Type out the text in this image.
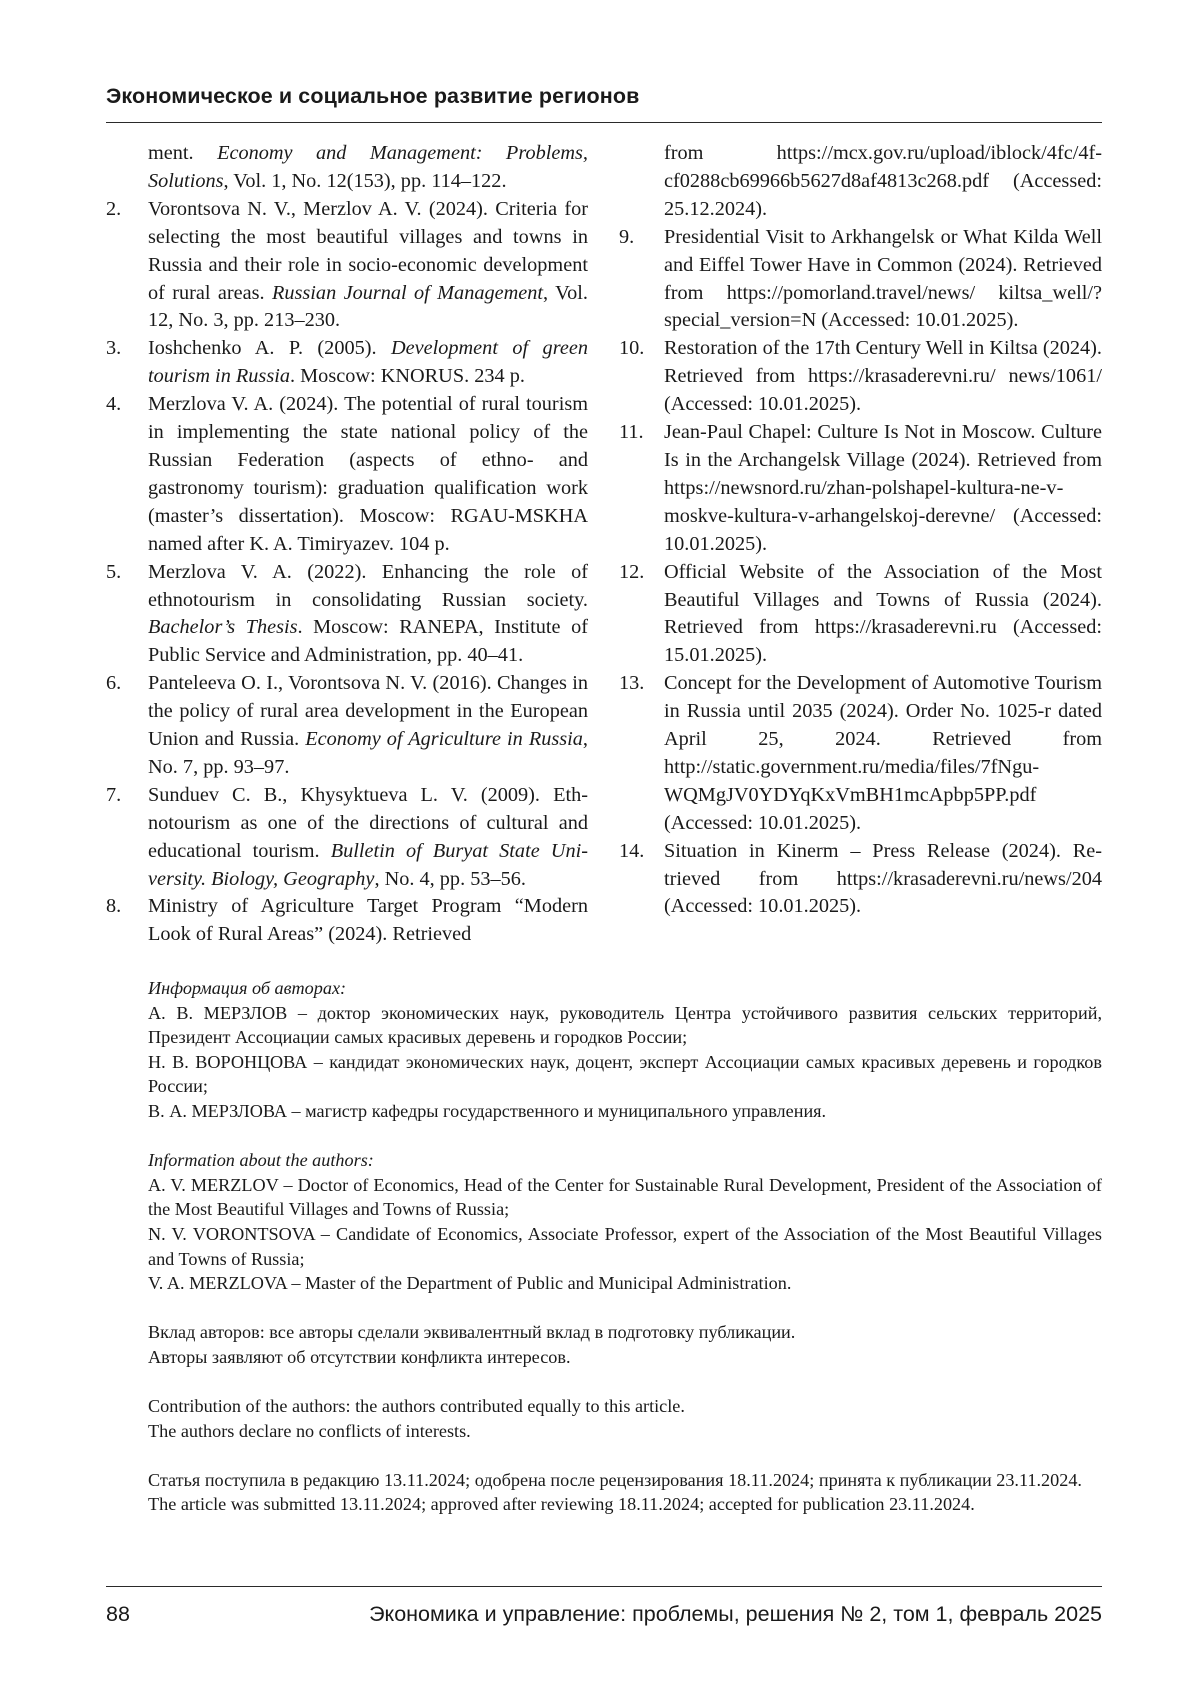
Экономическое и социальное развитие регионов
ment. Economy and Management: Problems, Solutions, Vol. 1, No. 12(153), pp. 114–122.
2.	Vorontsova N. V., Merzlov A. V. (2024). Criteria for selecting the most beautiful villages and towns in Russia and their role in socio-economic development of rural areas. Russian Journal of Management, Vol. 12, No. 3, pp. 213–230.
3.	Ioshchenko A. P. (2005). Development of green tourism in Russia. Moscow: KNORUS. 234 p.
4.	Merzlova V. A. (2024). The potential of rural tourism in implementing the state national policy of the Russian Federation (aspects of ethno- and gastronomy tourism): graduation qualification work (master’s dissertation). Moscow: RGAU-MSKHA named after K. A. Timiryazev. 104 p.
5.	Merzlova V. A. (2022). Enhancing the role of ethnotourism in consolidating Russian society. Bachelor’s Thesis. Moscow: RANEPA, Institute of Public Service and Administration, pp. 40–41.
6.	Panteleeva O. I., Vorontsova N. V. (2016). Changes in the policy of rural area development in the European Union and Russia. Economy of Agriculture in Russia, No. 7, pp. 93–97.
7.	Sunduev C. B., Khysyktueva L. V. (2009). Ethnotourism as one of the directions of cultural and educational tourism. Bulletin of Buryat State University. Biology, Geography, No. 4, pp. 53–56.
8.	Ministry of Agriculture Target Program “Modern Look of Rural Areas” (2024). Retrieved
from https://mcx.gov.ru/upload/iblock/4fc/4fcf0288cb69966b5627d8af4813c268.pdf (Accessed: 25.12.2024).
9.	Presidential Visit to Arkhangelsk or What Kilda Well and Eiffel Tower Have in Common (2024). Retrieved from https://pomorland.travel/news/ kiltsa_well/?special_version=N (Accessed: 10.01.2025).
10. Restoration of the 17th Century Well in Kiltsa (2024). Retrieved from https://krasaderevni.ru/ news/1061/ (Accessed: 10.01.2025).
11.	Jean-Paul Chapel: Culture Is Not in Moscow. Culture Is in the Archangelsk Village (2024). Retrieved from https://newsnord.ru/zhan-polshapel-kultura-ne-v-moskve-kultura-v-arhangelskoj-derevne/ (Accessed: 10.01.2025).
12. Official Website of the Association of the Most Beautiful Villages and Towns of Russia (2024). Retrieved from https://krasaderevni.ru (Accessed: 15.01.2025).
13. Concept for the Development of Automotive Tourism in Russia until 2035 (2024). Order No. 1025-r dated April 25, 2024. Retrieved from http://static.government.ru/media/files/7fNguWQMgJV0YDYqKxVmBH1mcApbp5PP.pdf (Accessed: 10.01.2025).
14. Situation in Kinerm – Press Release (2024). Retrieved from https://krasaderevni.ru/news/204 (Accessed: 10.01.2025).

Информация об авторах:

А. В. МЕРЗЛОВ – доктор экономических наук, руководитель Центра устойчивого развития сельских территорий, Президент Ассоциации самых красивых деревень и городков России;

Н. В. ВОРОНЦОВА – кандидат экономических наук, доцент, эксперт Ассоциации самых красивых деревень и городков России;

В. А. МЕРЗЛОВА – магистр кафедры государственного и муниципального управления.

Information about the authors:

A. V. MERZLOV – Doctor of Economics, Head of the Center for Sustainable Rural Development, President of the Association of the Most Beautiful Villages and Towns of Russia;

N. V. VORONTSOVA – Candidate of Economics, Associate Professor, expert of the Association of the Most Beautiful Villages and Towns of Russia;

V. A. MERZLOVA – Master of the Department of Public and Municipal Administration.

Вклад авторов: все авторы сделали эквивалентный вклад в подготовку публикации.

Авторы заявляют об отсутствии конфликта интересов.

Contribution of the authors: the authors contributed equally to this article.

The authors declare no conflicts of interests.

Статья поступила в редакцию 13.11.2024; одобрена после рецензирования 18.11.2024; принята к публикации 23.11.2024.

The article was submitted 13.11.2024; approved after reviewing 18.11.2024; accepted for publication 23.11.2024.

88	Экономика и управление: проблемы, решения № 2, том 1, февраль 2025
